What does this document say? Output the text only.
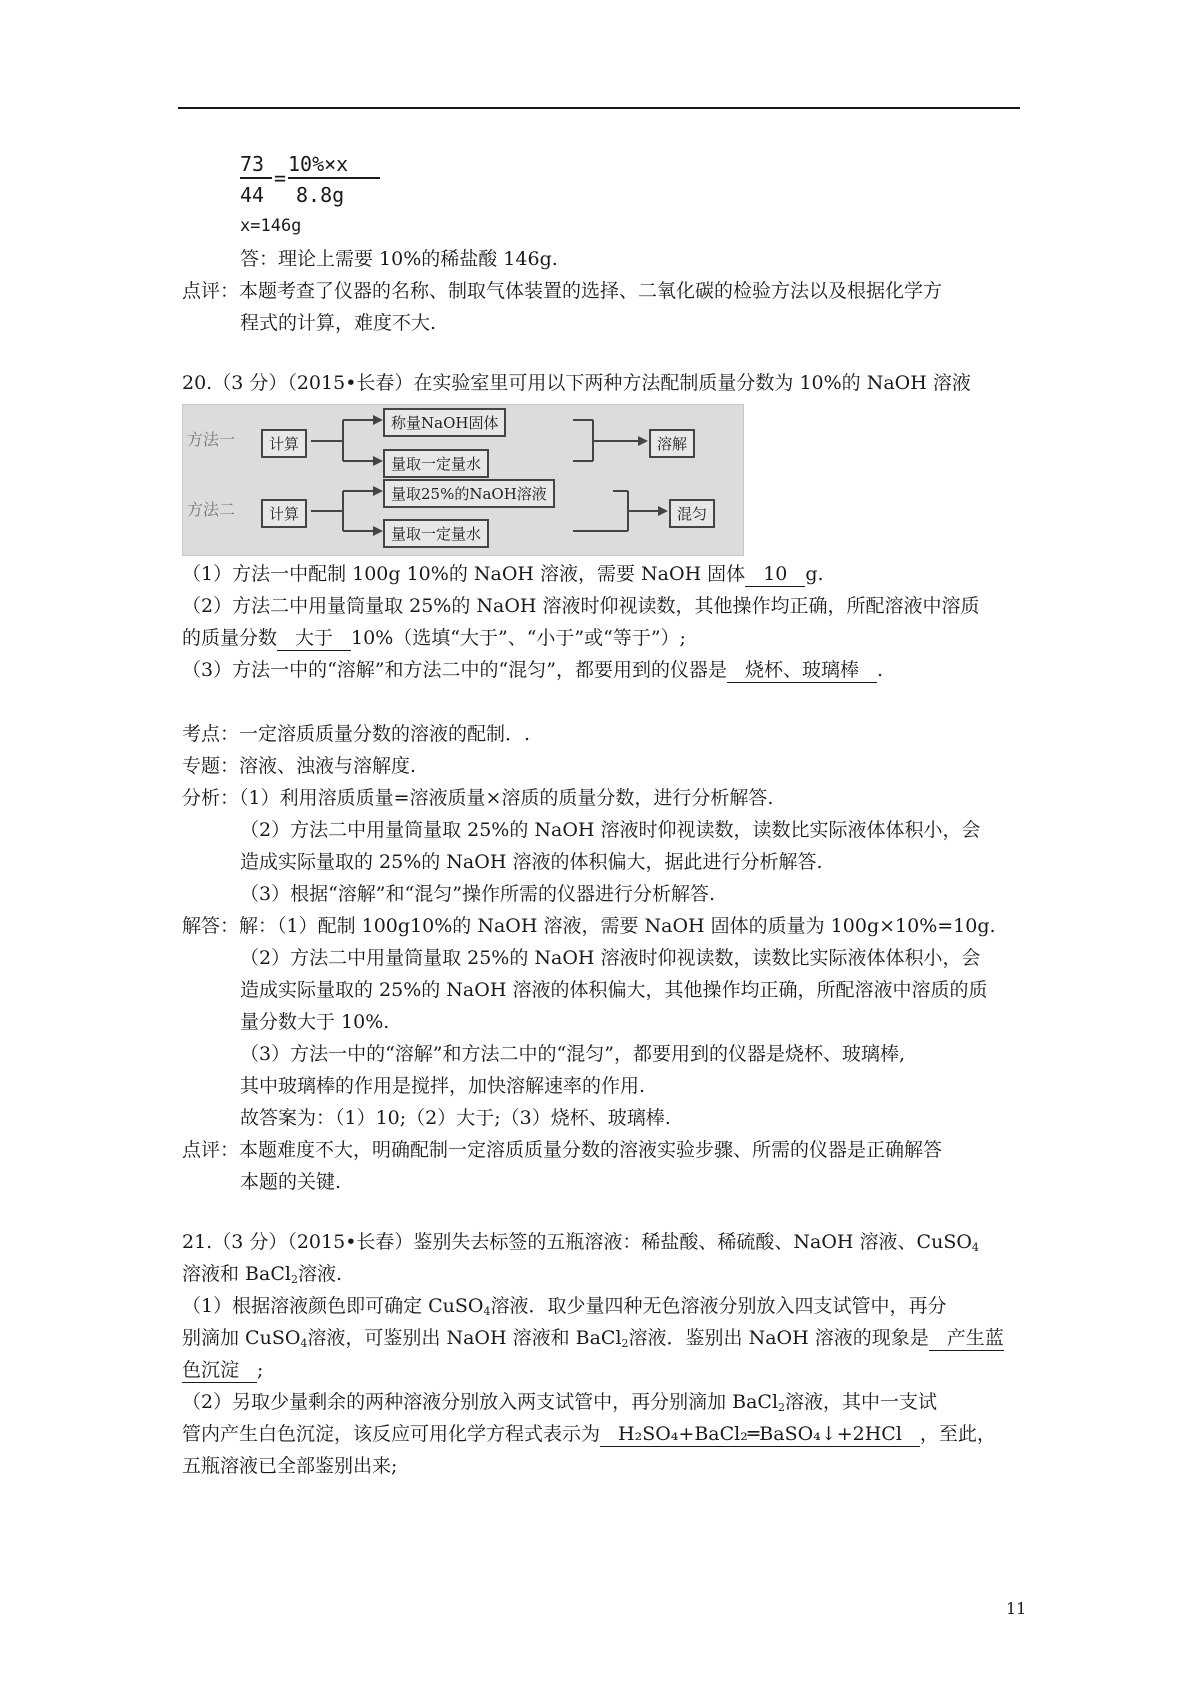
73
44
=
10%×x
8.8g
x=146g
答：理论上需要 10%的稀盐酸 146g.
点评：本题考查了仪器的名称、制取气体装置的选择、二氧化碳的检验方法以及根据化学方
程式的计算，难度不大.
20.（3 分）（2015•长春）在实验室里可用以下两种方法配制质量分数为 10%的 NaOH 溶液
方法一	计算
称量NaOH固体
量取一定量水
溶解
方法二	计算
量取25%的NaOH溶液
量取一定量水
混匀
（1）方法一中配制 100g 10%的 NaOH 溶液，需要 NaOH 固体 10 g.
（2）方法二中用量筒量取 25%的 NaOH 溶液时仰视读数，其他操作均正确，所配溶液中溶质
的质量分数 大于 10%（选填“大于”、“小于”或“等于”）;
（3）方法一中的“溶解”和方法二中的“混匀”，都要用到的仪器是 烧杯、玻璃棒 .
考点：一定溶质质量分数的溶液的配制．.
专题：溶液、浊液与溶解度.
分析：（1）利用溶质质量=溶液质量×溶质的质量分数，进行分析解答.
（2）方法二中用量筒量取 25%的 NaOH 溶液时仰视读数，读数比实际液体体积小，会
造成实际量取的 25%的 NaOH 溶液的体积偏大，据此进行分析解答.
（3）根据“溶解”和“混匀”操作所需的仪器进行分析解答.
解答：解：（1）配制 100g10%的 NaOH 溶液，需要 NaOH 固体的质量为 100g×10%=10g.
（2）方法二中用量筒量取 25%的 NaOH 溶液时仰视读数，读数比实际液体体积小，会
造成实际量取的 25%的 NaOH 溶液的体积偏大，其他操作均正确，所配溶液中溶质的质
量分数大于 10%.
（3）方法一中的“溶解”和方法二中的“混匀”，都要用到的仪器是烧杯、玻璃棒,
其中玻璃棒的作用是搅拌，加快溶解速率的作用.
故答案为：（1）10;（2）大于;（3）烧杯、玻璃棒.
点评：本题难度不大，明确配制一定溶质质量分数的溶液实验步骤、所需的仪器是正确解答
本题的关键.
21.（3 分）（2015•长春）鉴别失去标签的五瓶溶液：稀盐酸、稀硫酸、NaOH 溶液、CuSO$_4$
溶液和 BaCl$_2$溶液.
（1）根据溶液颜色即可确定 CuSO$_4$溶液．取少量四种无色溶液分别放入四支试管中，再分
别滴加 CuSO$_4$溶液，可鉴别出 NaOH 溶液和 BaCl$_2$溶液．鉴别出 NaOH 溶液的现象是 产生蓝
色沉淀 ;
（2）另取少量剩余的两种溶液分别放入两支试管中，再分别滴加 BaCl$_2$溶液，其中一支试
管内产生白色沉淀，该反应可用化学方程式表示为 H₂SO₄+BaCl₂═BaSO₄↓+2HCl ，至此，
五瓶溶液已全部鉴别出来;
11
